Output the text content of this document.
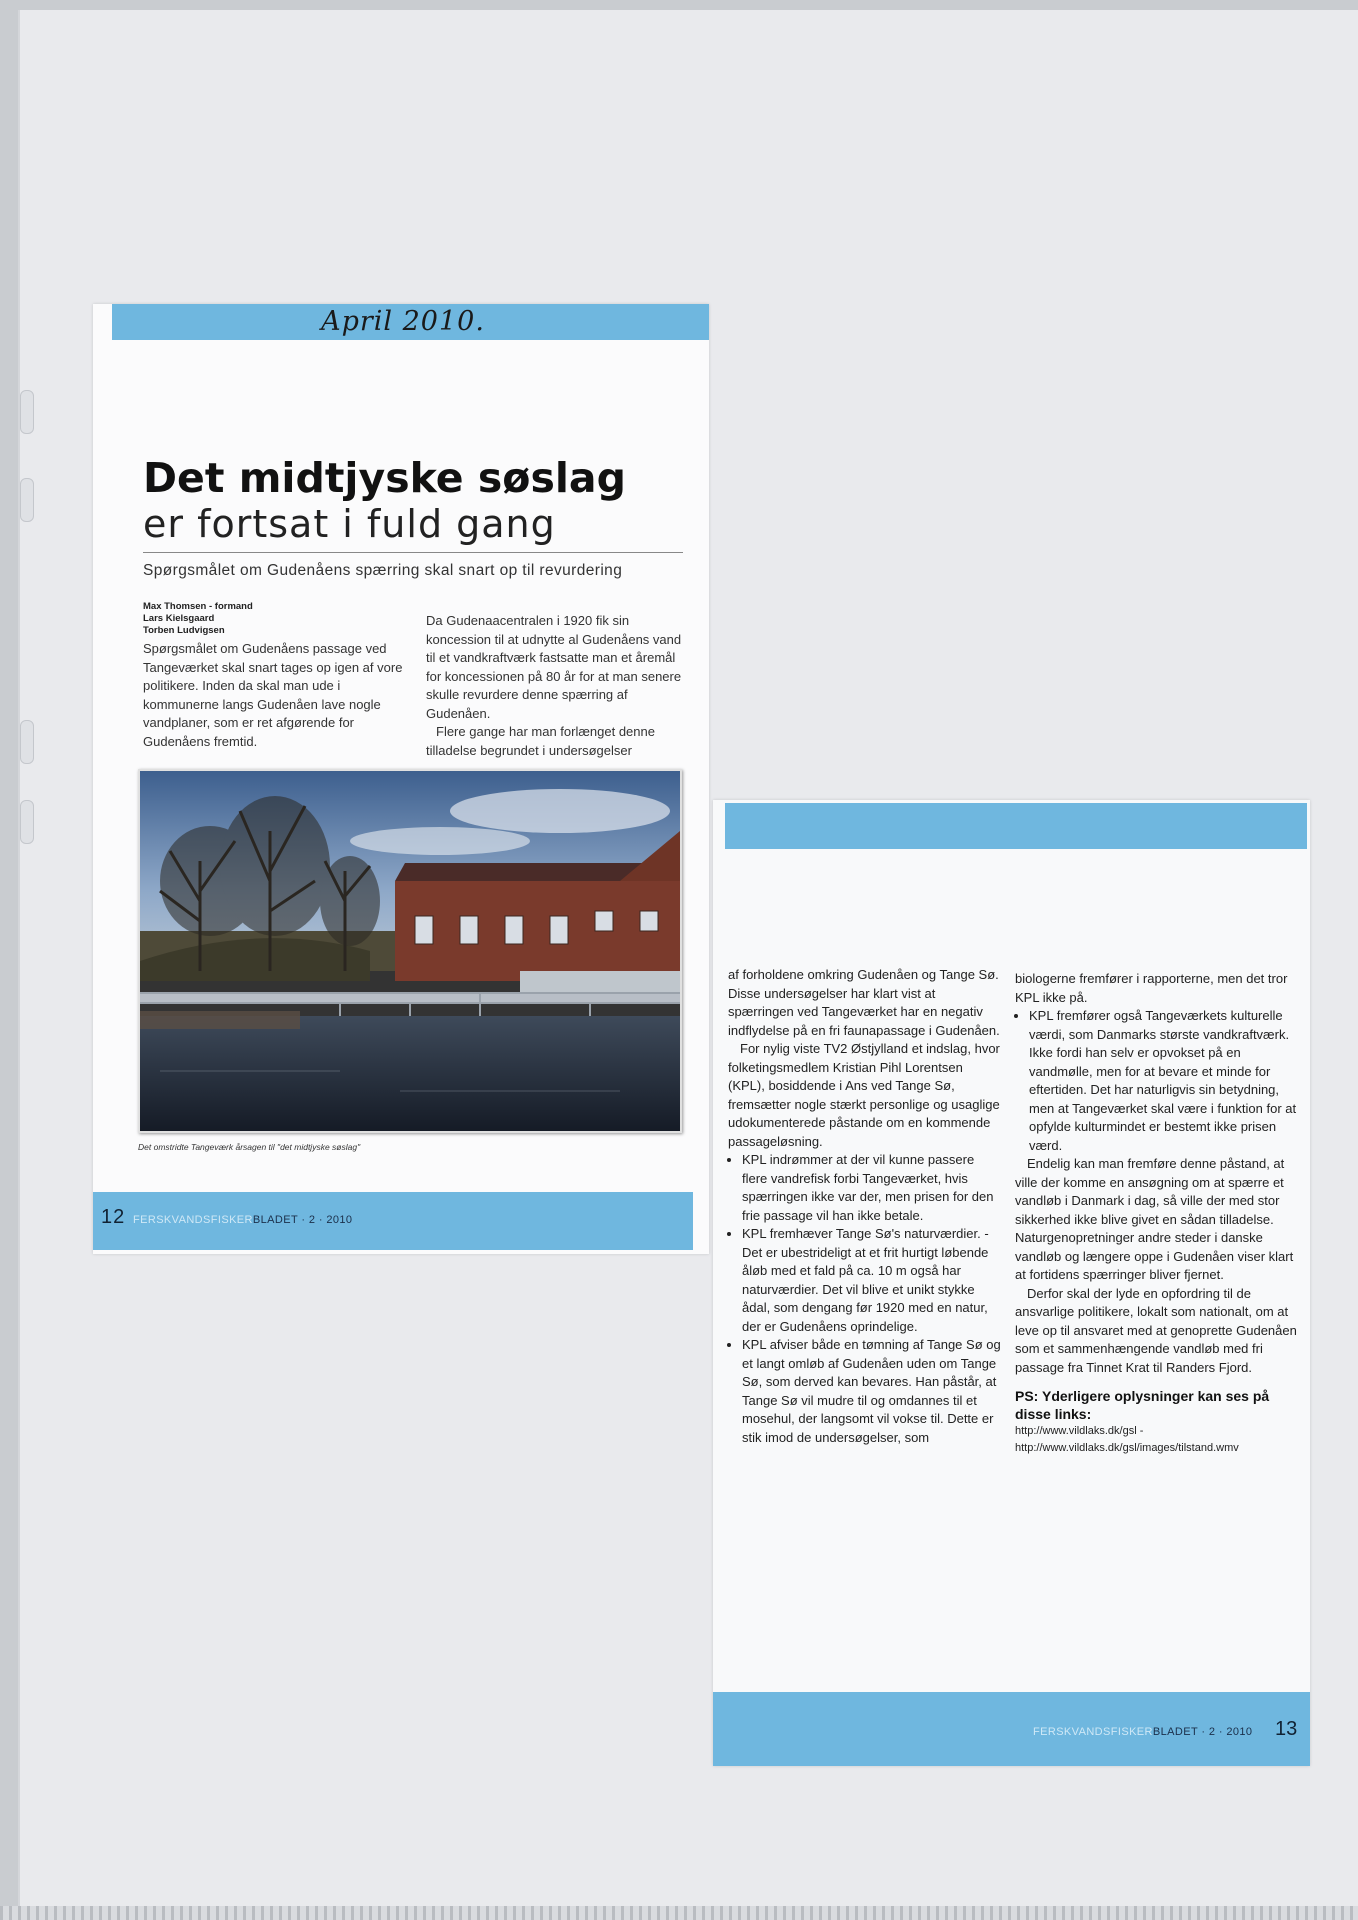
April 2010.
Det midtjyske søslag
er fortsat i fuld gang
Spørgsmålet om Gudenåens spærring skal snart op til revurdering
Max Thomsen - formand
Lars Kielsgaard
Torben Ludvigsen

Spørgsmålet om Gudenåens passage ved Tangeværket skal snart tages op igen af vore politikere. Inden da skal man ude i kommunerne langs Gudenåen lave nogle vandplaner, som er ret afgørende for Gudenåens fremtid.

Da Gudenaacentralen i 1920 fik sin koncession til at udnytte al Gudenåens vand til et vandkraftværk fastsatte man et åremål for koncessionen på 80 år for at man senere skulle revurdere denne spærring af Gudenåen.

Flere gange har man forlænget denne tilladelse begrundet i undersøgelser

Det omstridte Tangeværk årsagen til "det midtjyske søslag"
12 FERSKVANDSFISKERBLADET · 2 · 2010

af forholdene omkring Gudenåen og Tange Sø. Disse undersøgelser har klart vist at spærringen ved Tangeværket har en negativ indflydelse på en fri faunapassage i Gudenåen.

For nylig viste TV2 Østjylland et indslag, hvor folketingsmedlem Kristian Pihl Lorentsen (KPL), bosiddende i Ans ved Tange Sø, fremsætter nogle stærkt personlige og usaglige udokumenterede påstande om en kommende passageløsning.

• KPL indrømmer at der vil kunne passere flere vandrefisk forbi Tangeværket, hvis spærringen ikke var der, men prisen for den frie passage vil han ikke betale.
• KPL fremhæver Tange Sø's naturværdier. - Det er ubestrideligt at et frit hurtigt løbende åløb med et fald på ca. 10 m også har naturværdier. Det vil blive et unikt stykke ådal, som dengang før 1920 med en natur, der er Gudenåens oprindelige.
• KPL afviser både en tømning af Tange Sø og et langt omløb af Gudenåen uden om Tange Sø, som derved kan bevares. Han påstår, at Tange Sø vil mudre til og omdannes til et mosehul, der langsomt vil vokse til. Dette er stik imod de undersøgelser, som

biologerne fremfører i rapporterne, men det tror KPL ikke på.

• KPL fremfører også Tangeværkets kulturelle værdi, som Danmarks største vandkraftværk. Ikke fordi han selv er opvokset på en vandmølle, men for at bevare et minde for eftertiden. Det har naturligvis sin betydning, men at Tangeværket skal være i funktion for at opfylde kulturmindet er bestemt ikke prisen værd.

Endelig kan man fremføre denne påstand, at ville der komme en ansøgning om at spærre et vandløb i Danmark i dag, så ville der med stor sikkerhed ikke blive givet en sådan tilladelse. Naturgenopretninger andre steder i danske vandløb og længere oppe i Gudenåen viser klart at fortidens spærringer bliver fjernet.

Derfor skal der lyde en opfordring til de ansvarlige politikere, lokalt som nationalt, om at leve op til ansvaret med at genoprette Gudenåen som et sammenhængende vandløb med fri passage fra Tinnet Krat til Randers Fjord.

PS: Yderligere oplysninger kan ses på disse links:

http://www.vildlaks.dk/gsl -

http://www.vildlaks.dk/gsl/images/tilstand.wmv

FERSKVANDSFISKERBLADET · 2 · 2010 13
